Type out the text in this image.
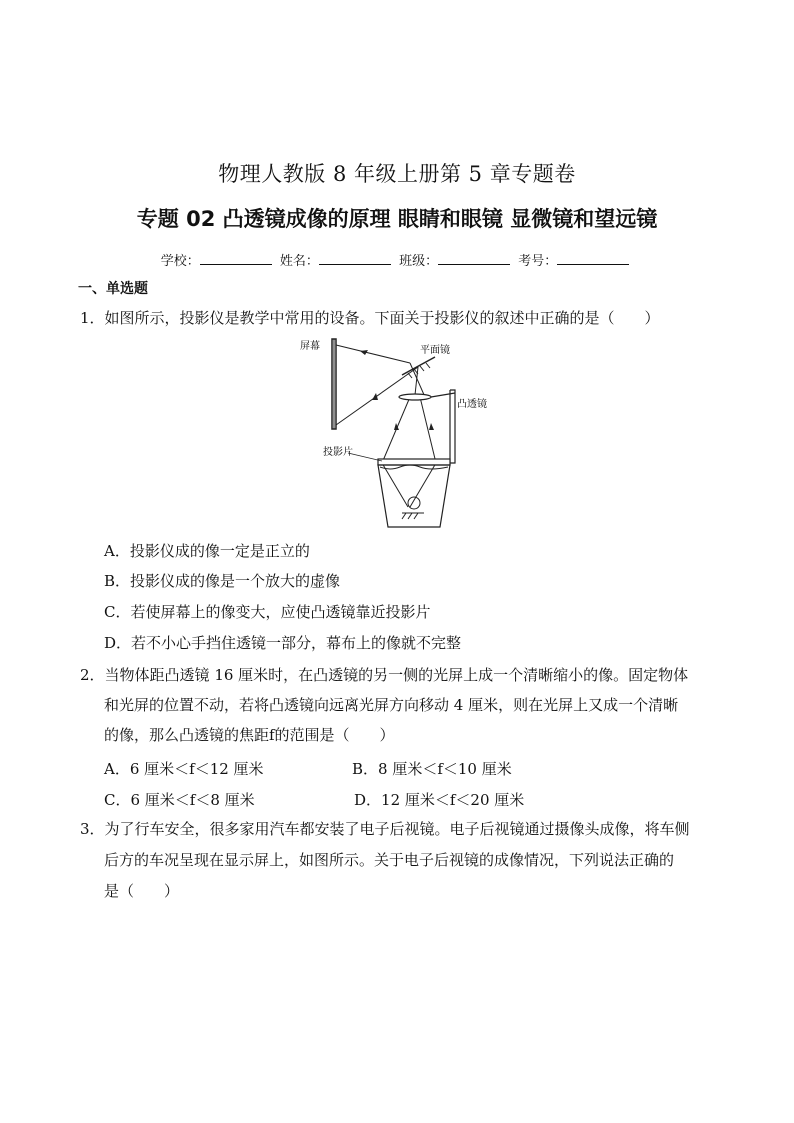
物理人教版 8 年级上册第 5 章专题卷
专题 02 凸透镜成像的原理 眼睛和眼镜 显微镜和望远镜
学校：	姓名：	班级：	考号：
一、单选题
1．如图所示，投影仪是教学中常用的设备。下面关于投影仪的叙述中正确的是（　　）
屏幕	平面镜
凸透镜
投影片
A．投影仪成的像一定是正立的
B．投影仪成的像是一个放大的虚像
C．若使屏幕上的像变大，应使凸透镜靠近投影片
D．若不小心手挡住透镜一部分，幕布上的像就不完整
2．当物体距凸透镜 16 厘米时，在凸透镜的另一侧的光屏上成一个清晰缩小的像。固定物体
和光屏的位置不动，若将凸透镜向远离光屏方向移动 4 厘米，则在光屏上又成一个清晰
的像，那么凸透镜的焦距f的范围是（　　）
A．6 厘米＜f＜12 厘米	B．8 厘米＜f＜10 厘米
C．6 厘米＜f＜8 厘米	D．12 厘米＜f＜20 厘米
3．为了行车安全，很多家用汽车都安装了电子后视镜。电子后视镜通过摄像头成像，将车侧
后方的车况呈现在显示屏上，如图所示。关于电子后视镜的成像情况，下列说法正确的
是（　　）
